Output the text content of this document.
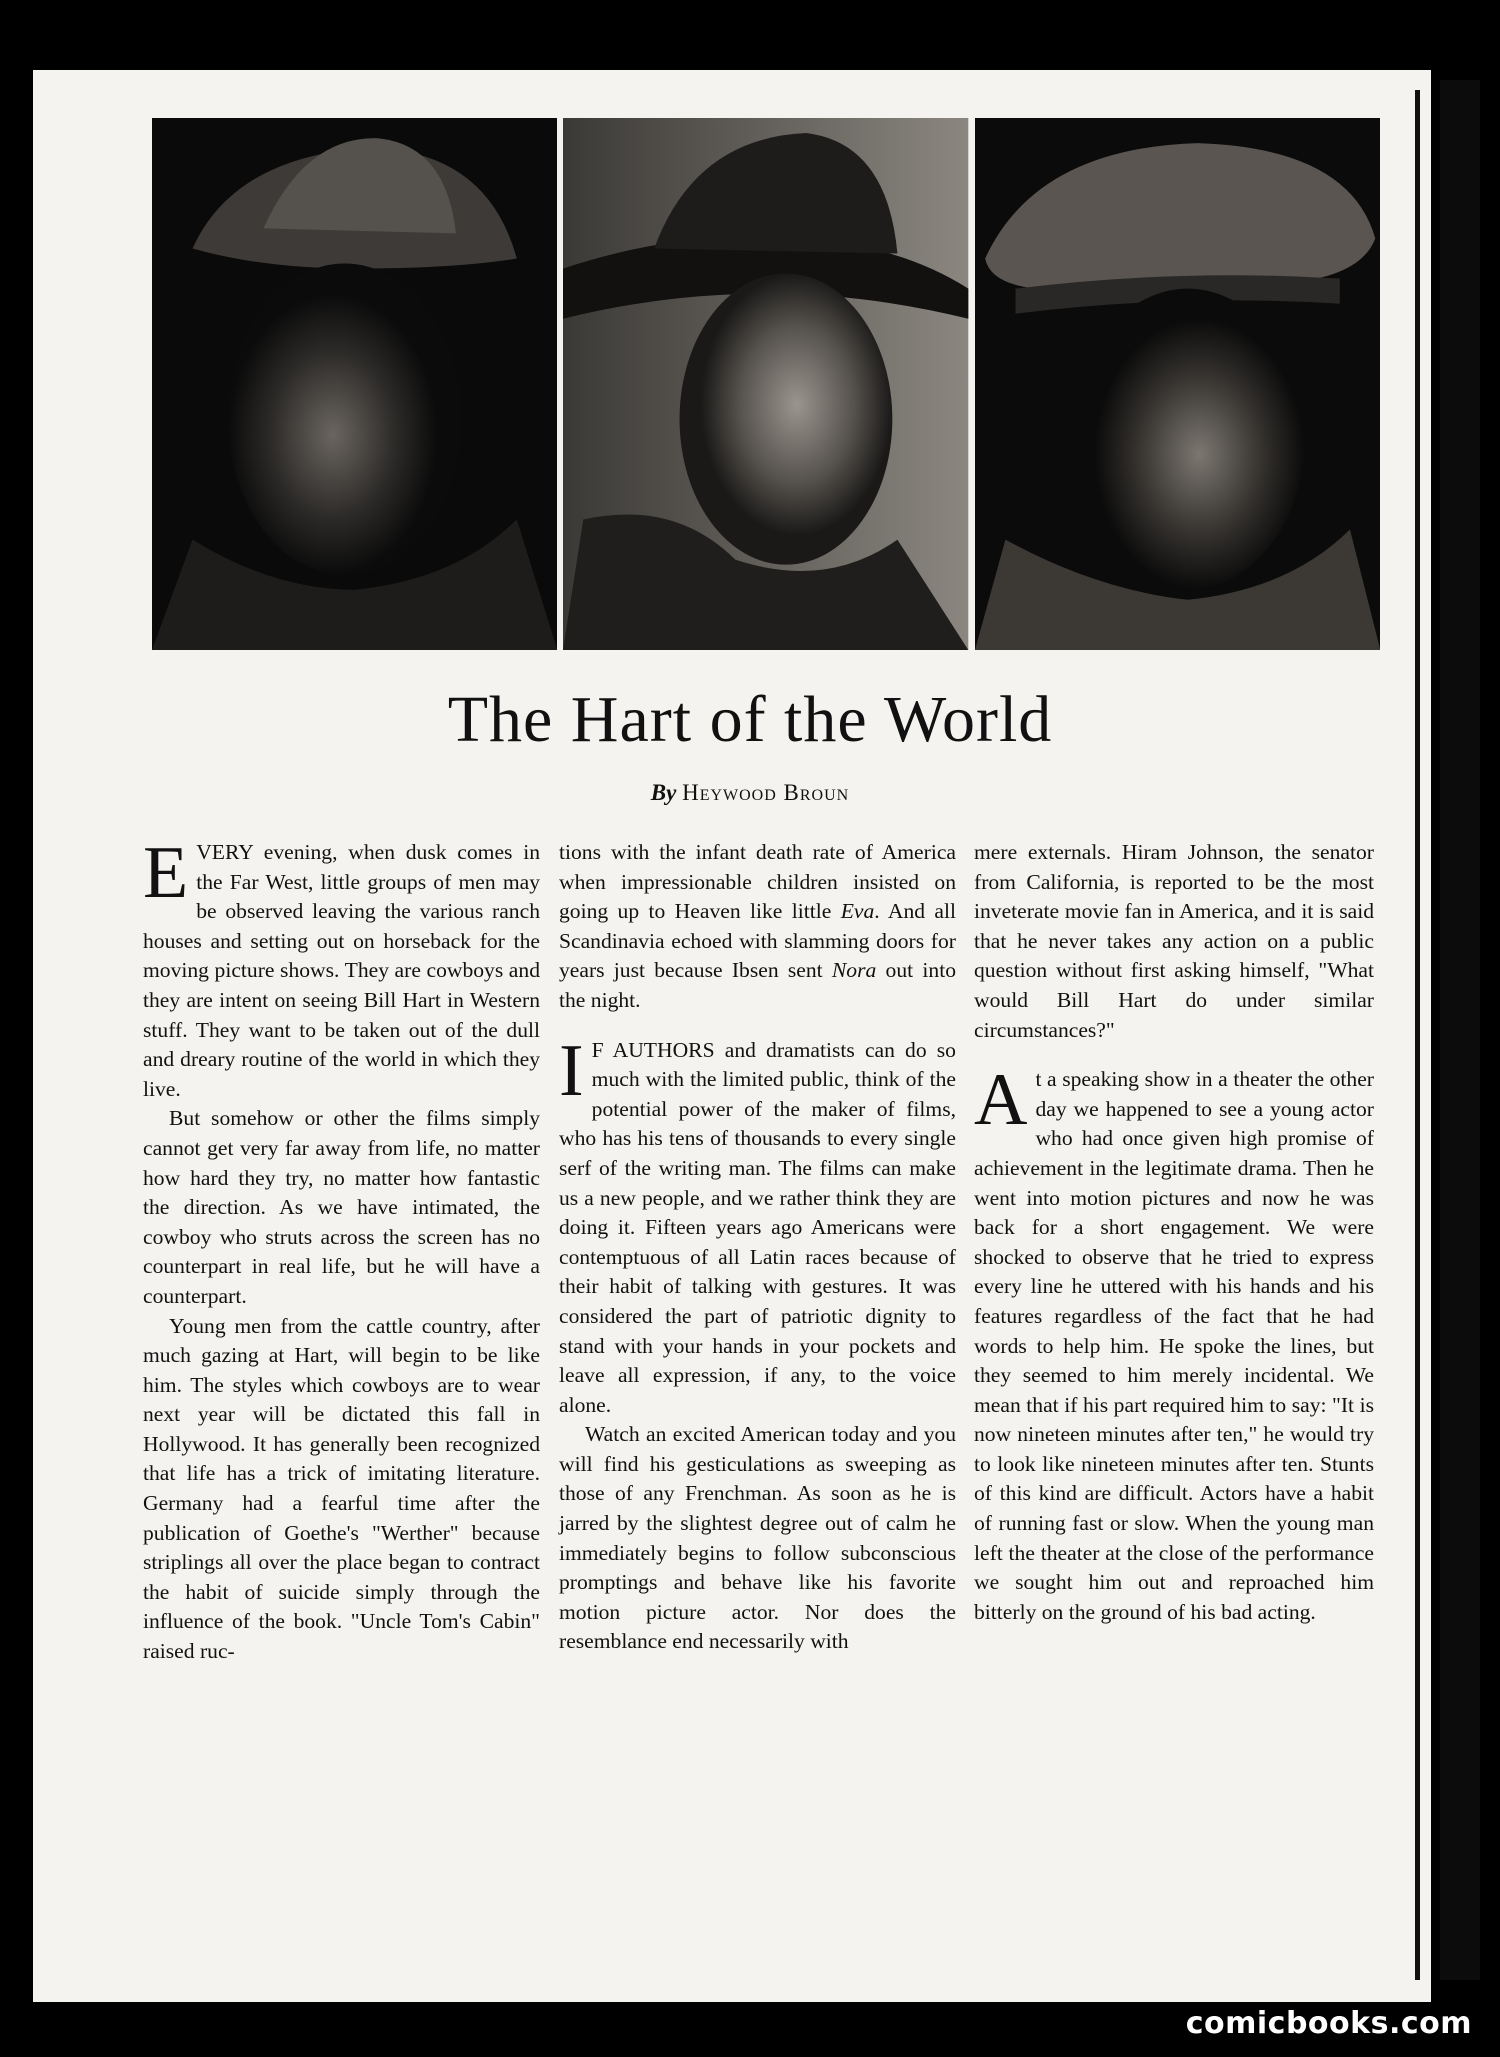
The Hart of the World
By Heywood Broun

EVERY evening, when dusk comes in the Far West, little groups of men may be observed leaving the various ranch houses and setting out on horseback for the moving picture shows. They are cowboys and they are intent on seeing Bill Hart in Western stuff. They want to be taken out of the dull and dreary routine of the world in which they live.

But somehow or other the films simply cannot get very far away from life, no matter how hard they try, no matter how fantastic the direction. As we have intimated, the cowboy who struts across the screen has no counterpart in real life, but he will have a counterpart.

Young men from the cattle country, after much gazing at Hart, will begin to be like him. The styles which cowboys are to wear next year will be dictated this fall in Hollywood. It has generally been recognized that life has a trick of imitating literature. Germany had a fearful time after the publication of Goethe's "Werther" because striplings all over the place began to contract the habit of suicide simply through the influence of the book. "Uncle Tom's Cabin" raised ruc-

tions with the infant death rate of America when impressionable children insisted on going up to Heaven like little Eva. And all Scandinavia echoed with slamming doors for years just because Ibsen sent Nora out into the night.

IF AUTHORS and dramatists can do so much with the limited public, think of the potential power of the maker of films, who has his tens of thousands to every single serf of the writing man. The films can make us a new people, and we rather think they are doing it. Fifteen years ago Americans were contemptuous of all Latin races because of their habit of talking with gestures. It was considered the part of patriotic dignity to stand with your hands in your pockets and leave all expression, if any, to the voice alone.

Watch an excited American today and you will find his gesticulations as sweeping as those of any Frenchman. As soon as he is jarred by the slightest degree out of calm he immediately begins to follow subconscious promptings and behave like his favorite motion picture actor. Nor does the resemblance end necessarily with

mere externals. Hiram Johnson, the senator from California, is reported to be the most inveterate movie fan in America, and it is said that he never takes any action on a public question without first asking himself, "What would Bill Hart do under similar circumstances?"

At a speaking show in a theater the other day we happened to see a young actor who had once given high promise of achievement in the legitimate drama. Then he went into motion pictures and now he was back for a short engagement. We were shocked to observe that he tried to express every line he uttered with his hands and his features regardless of the fact that he had words to help him. He spoke the lines, but they seemed to him merely incidental. We mean that if his part required him to say: "It is now nineteen minutes after ten," he would try to look like nineteen minutes after ten. Stunts of this kind are difficult. Actors have a habit of running fast or slow. When the young man left the theater at the close of the performance we sought him out and reproached him bitterly on the ground of his bad acting.

comicbooks.com
